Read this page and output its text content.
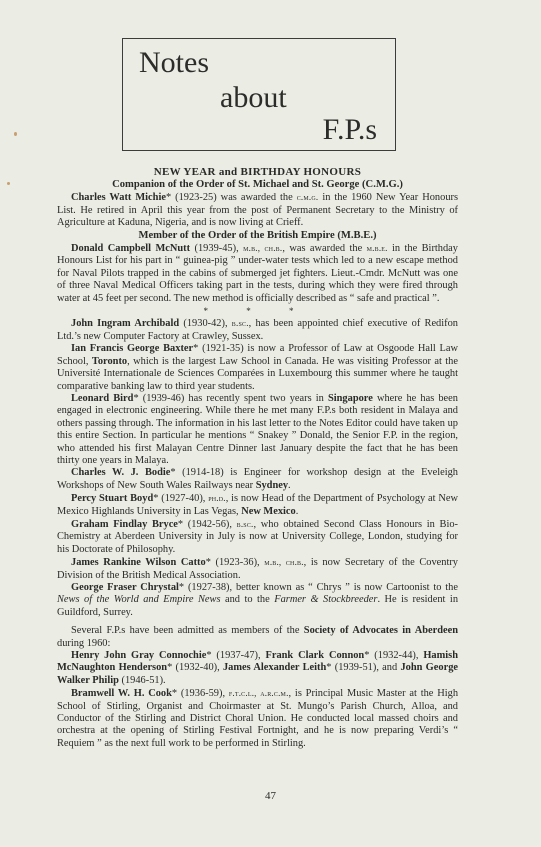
Notes
about
F.P.s

NEW YEAR and BIRTHDAY HONOURS

Companion of the Order of St. Michael and St. George (C.M.G.)

Charles Watt Michie* (1923-25) was awarded the c.m.g. in the 1960 New Year Honours List. He retired in April this year from the post of Permanent Secretary to the Ministry of Agriculture at Kaduna, Nigeria, and is now living at Crieff.

Member of the Order of the British Empire (M.B.E.)

Donald Campbell McNutt (1939-45), m.b., ch.b., was awarded the m.b.e. in the Birthday Honours List for his part in “ guinea-pig ” under-water tests which led to a new escape method for Naval Pilots trapped in the cabins of submerged jet fighters. Lieut.-Cmdr. McNutt was one of three Naval Medical Officers taking part in the tests, during which they were fired through water at 45 feet per second. The new method is officially described as “ safe and practical ”.

* * *

John Ingram Archibald (1930-42), b.sc., has been appointed chief executive of Redifon Ltd.’s new Computer Factory at Crawley, Sussex.

Ian Francis George Baxter* (1921-35) is now a Professor of Law at Osgoode Hall Law School, Toronto, which is the largest Law School in Canada. He was visiting Professor at the Université Internationale de Sciences Comparées in Luxembourg this summer where he taught comparative banking law to third year students.

Leonard Bird* (1939-46) has recently spent two years in Singapore where he has been engaged in electronic engineering. While there he met many F.P.s both resident in Malaya and others passing through. The information in his last letter to the Notes Editor could have taken up this entire Section. In particular he mentions “ Snakey ” Donald, the Senior F.P. in the region, who attended his first Malayan Centre Dinner last January despite the fact that he has been thirty one years in Malaya.

Charles W. J. Bodie* (1914-18) is Engineer for workshop design at the Eveleigh Workshops of New South Wales Railways near Sydney.

Percy Stuart Boyd* (1927-40), ph.d., is now Head of the Department of Psychology at New Mexico Highlands University in Las Vegas, New Mexico.

Graham Findlay Bryce* (1942-56), b.sc., who obtained Second Class Honours in Bio-Chemistry at Aberdeen University in July is now at University College, London, studying for his Doctorate of Philosophy.

James Rankine Wilson Catto* (1923-36), m.b., ch.b., is now Secretary of the Coventry Division of the British Medical Association.

George Fraser Chrystal* (1927-38), better known as “ Chrys ” is now Cartoonist to the News of the World and Empire News and to the Farmer & Stockbreeder. He is resident in Guildford, Surrey.

Several F.P.s have been admitted as members of the Society of Advocates in Aberdeen during 1960:

Henry John Gray Connochie* (1937-47), Frank Clark Connon* (1932-44), Hamish McNaughton Henderson* (1932-40), James Alexander Leith* (1939-51), and John George Walker Philip (1946-51).

Bramwell W. H. Cook* (1936-59), f.t.c.l., a.r.c.m., is Principal Music Master at the High School of Stirling, Organist and Choirmaster at St. Mungo’s Parish Church, Alloa, and Conductor of the Stirling and District Choral Union. He conducted local massed choirs and orchestra at the opening of Stirling Festival Fortnight, and he is now preparing Verdi’s “ Requiem ” as the next full work to be performed in Stirling.

47
